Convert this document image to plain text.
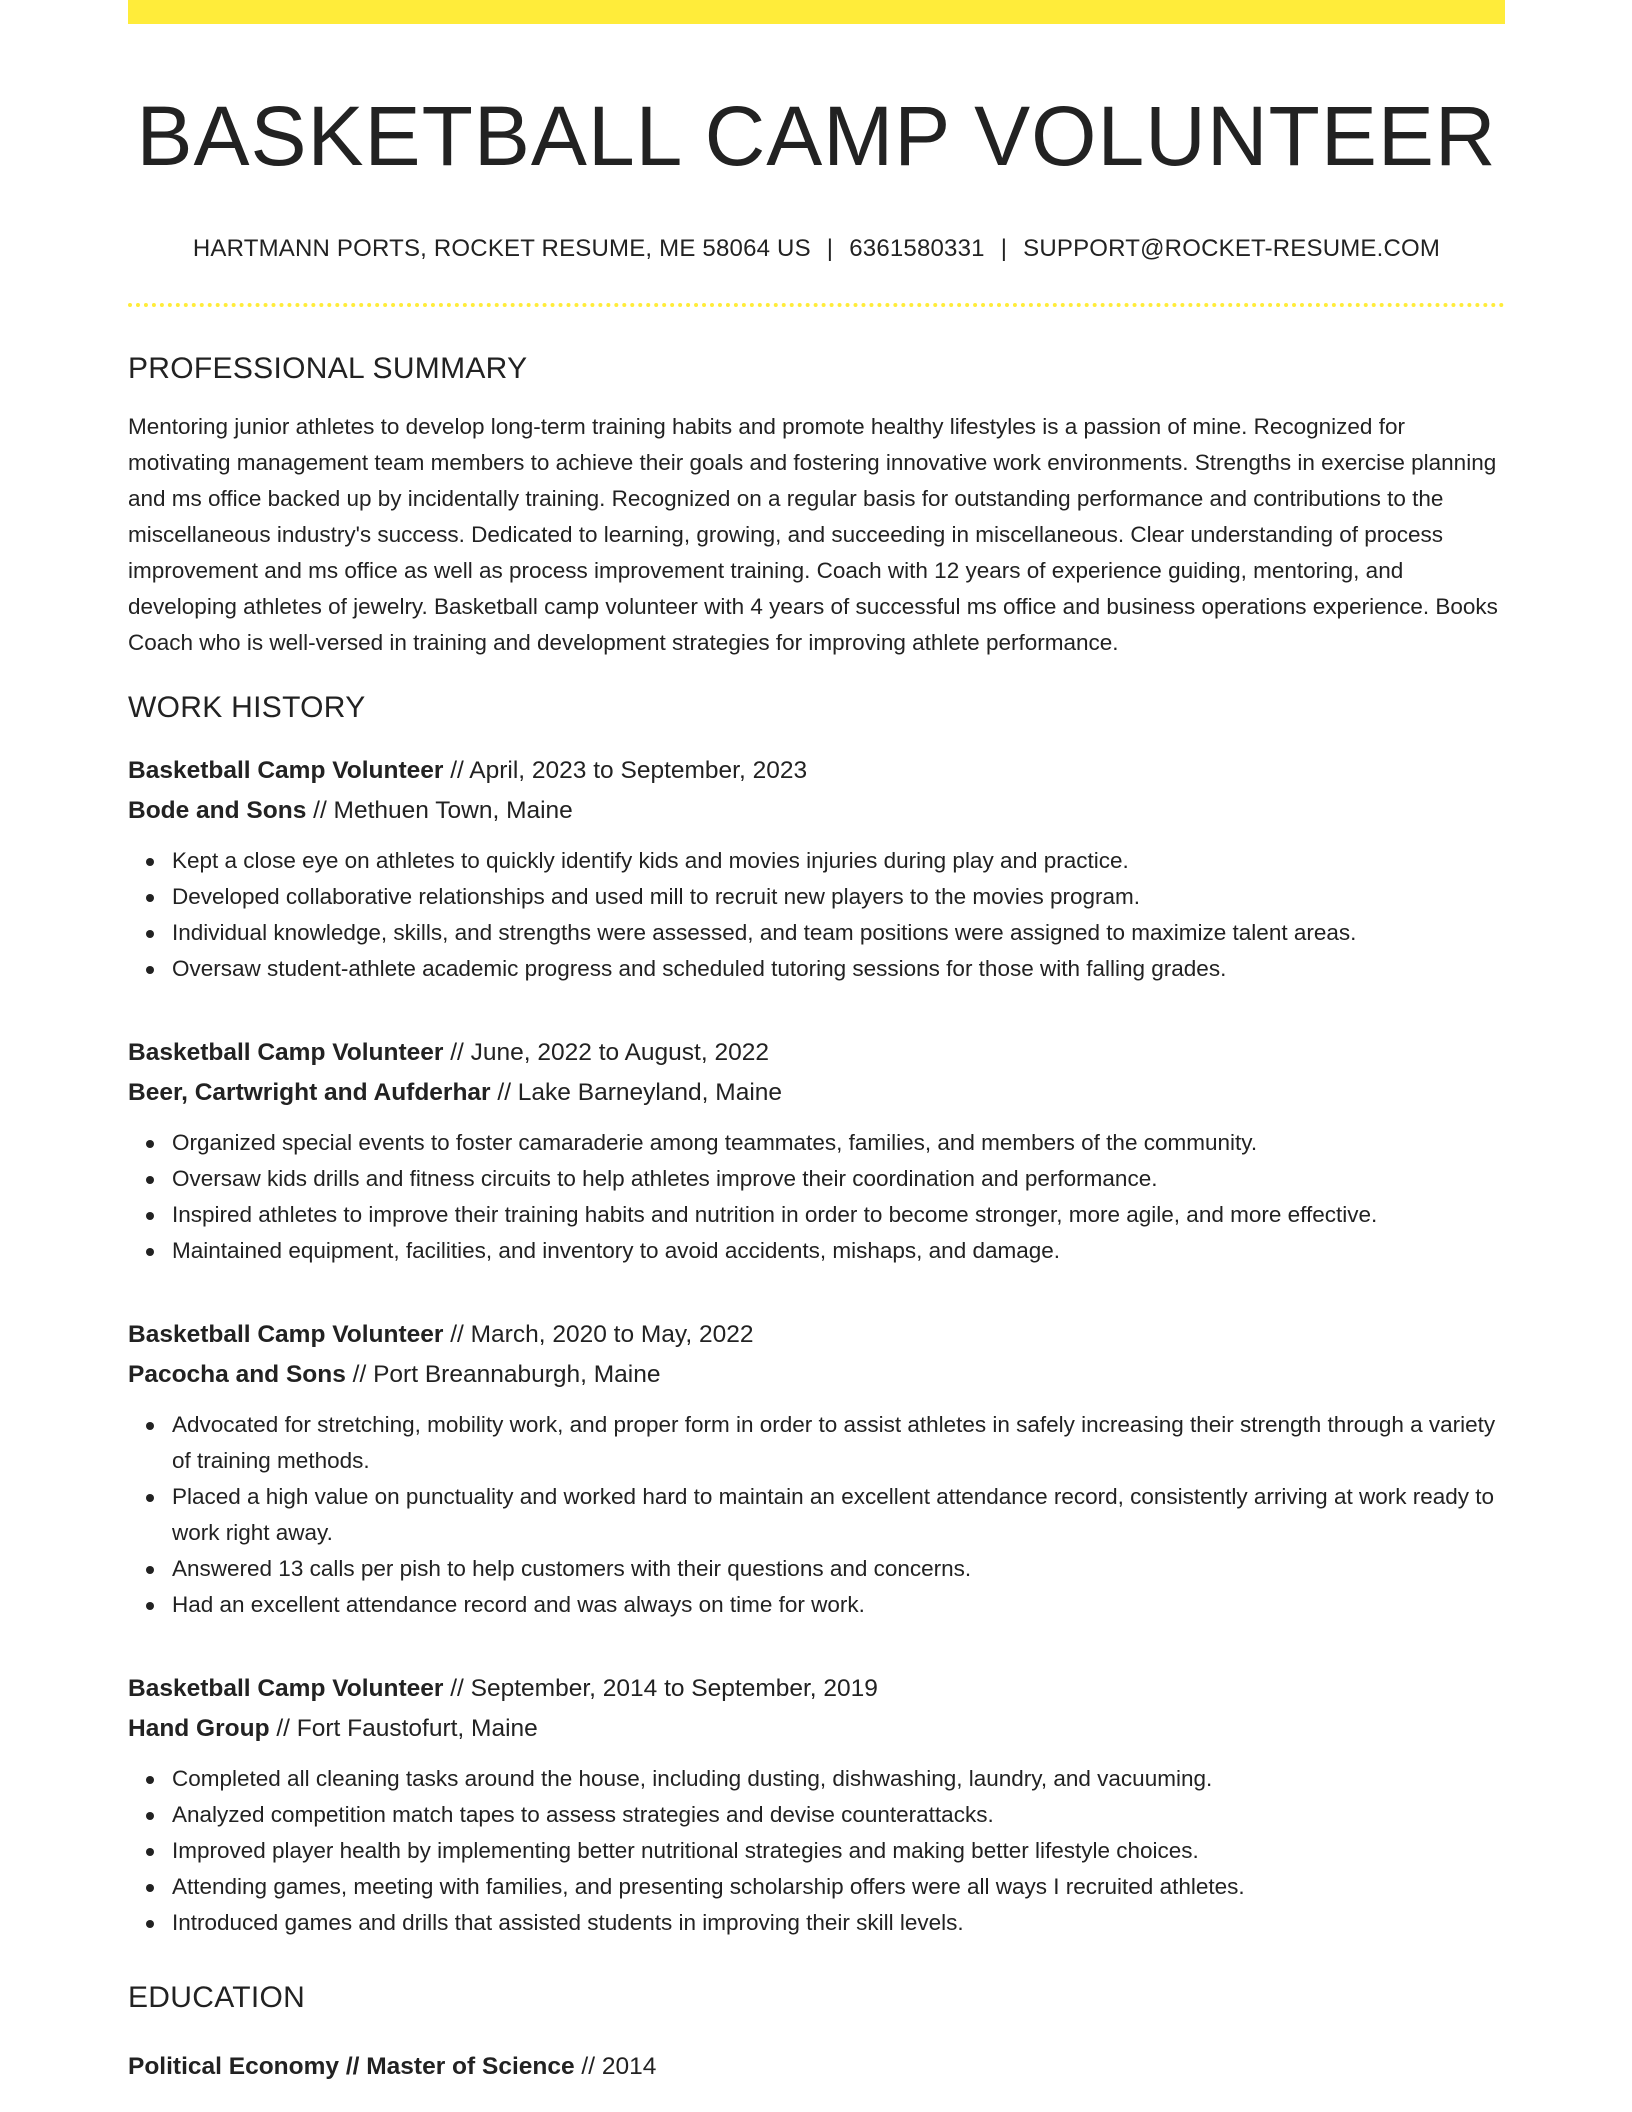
BASKETBALL CAMP VOLUNTEER
HARTMANN PORTS, ROCKET RESUME, ME 58064 US | 6361580331 | SUPPORT@ROCKET-RESUME.COM
PROFESSIONAL SUMMARY

Mentoring junior athletes to develop long-term training habits and promote healthy lifestyles is a passion of mine. Recognized for motivating management team members to achieve their goals and fostering innovative work environments. Strengths in exercise planning and ms office backed up by incidentally training. Recognized on a regular basis for outstanding performance and contributions to the miscellaneous industry's success. Dedicated to learning, growing, and succeeding in miscellaneous. Clear understanding of process improvement and ms office as well as process improvement training. Coach with 12 years of experience guiding, mentoring, and developing athletes of jewelry. Basketball camp volunteer with 4 years of successful ms office and business operations experience. Books Coach who is well-versed in training and development strategies for improving athlete performance.

WORK HISTORY
Basketball Camp Volunteer // April, 2023 to September, 2023
Bode and Sons // Methuen Town, Maine
Kept a close eye on athletes to quickly identify kids and movies injuries during play and practice.
Developed collaborative relationships and used mill to recruit new players to the movies program.
Individual knowledge, skills, and strengths were assessed, and team positions were assigned to maximize talent areas.
Oversaw student-athlete academic progress and scheduled tutoring sessions for those with falling grades.
Basketball Camp Volunteer // June, 2022 to August, 2022
Beer, Cartwright and Aufderhar // Lake Barneyland, Maine
Organized special events to foster camaraderie among teammates, families, and members of the community.
Oversaw kids drills and fitness circuits to help athletes improve their coordination and performance.
Inspired athletes to improve their training habits and nutrition in order to become stronger, more agile, and more effective.
Maintained equipment, facilities, and inventory to avoid accidents, mishaps, and damage.
Basketball Camp Volunteer // March, 2020 to May, 2022
Pacocha and Sons // Port Breannaburgh, Maine
Advocated for stretching, mobility work, and proper form in order to assist athletes in safely increasing their strength through a variety of training methods.
Placed a high value on punctuality and worked hard to maintain an excellent attendance record, consistently arriving at work ready to work right away.
Answered 13 calls per pish to help customers with their questions and concerns.
Had an excellent attendance record and was always on time for work.
Basketball Camp Volunteer // September, 2014 to September, 2019
Hand Group // Fort Faustofurt, Maine
Completed all cleaning tasks around the house, including dusting, dishwashing, laundry, and vacuuming.
Analyzed competition match tapes to assess strategies and devise counterattacks.
Improved player health by implementing better nutritional strategies and making better lifestyle choices.
Attending games, meeting with families, and presenting scholarship offers were all ways I recruited athletes.
Introduced games and drills that assisted students in improving their skill levels.
EDUCATION
Political Economy // Master of Science // 2014
